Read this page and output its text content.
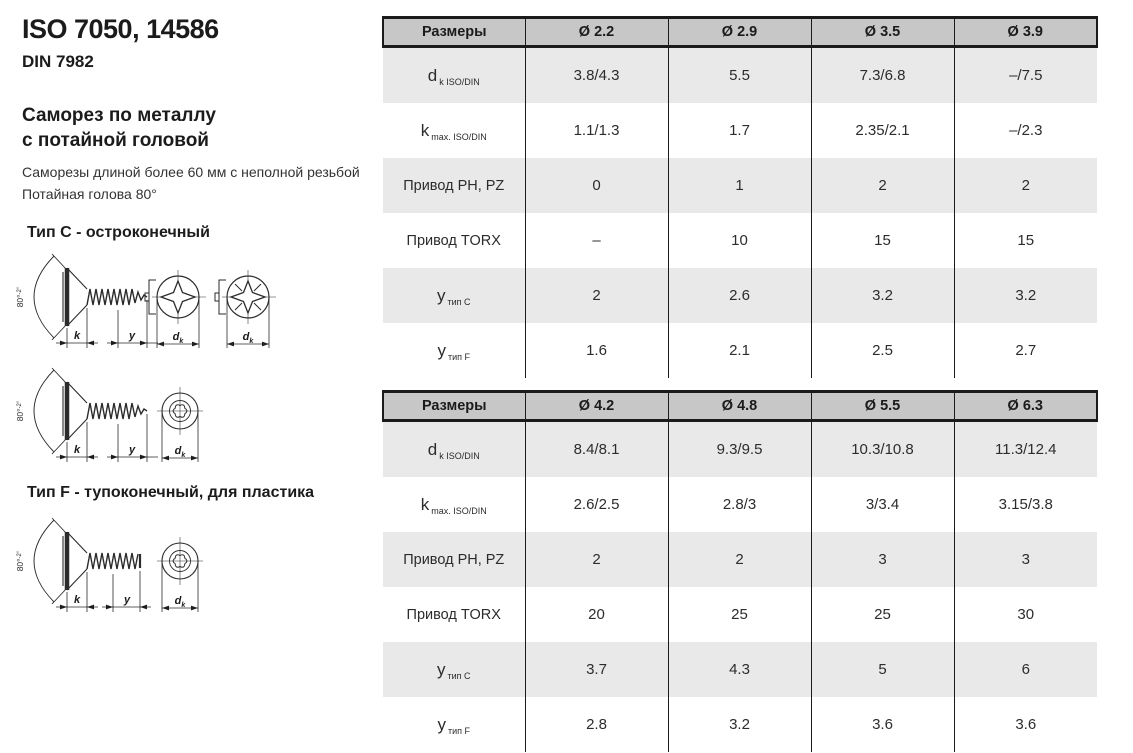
ISO 7050, 14586
DIN 7982
Саморез по металлу
с потайной головой
Саморезы длиной более 60 мм с неполной резьбой
Потайная голова 80°
Тип C - остроконечный
Тип F - тупоконечный, для пластика
80°$^{-2^\circ}$
k	y	$d_k$	$d_k$
80°$^{-2^\circ}$
k	y	$d_k$
80°$^{-2^\circ}$
k	y	$d_k$
Размеры	Ø 2.2	Ø 2.9	Ø 3.5	Ø 3.9
d $_{k ISO/DIN}$	3.8/4.3	5.5	7.3/6.8	–/7.5
k $_{max. ISO/DIN}$	1.1/1.3	1.7	2.35/2.1	–/2.3
Привод PH, PZ	0	1	2	2
Привод TORX	–	10	15	15
y $_{тип C}$	2	2.6	3.2	3.2
y $_{тип F}$	1.6	2.1	2.5	2.7
Размеры	Ø 4.2	Ø 4.8	Ø 5.5	Ø 6.3
d $_{k ISO/DIN}$	8.4/8.1	9.3/9.5	10.3/10.8	11.3/12.4
k $_{max. ISO/DIN}$	2.6/2.5	2.8/3	3/3.4	3.15/3.8
Привод PH, PZ	2	2	3	3
Привод TORX	20	25	25	30
y $_{тип C}$	3.7	4.3	5	6
y $_{тип F}$	2.8	3.2	3.6	3.6
